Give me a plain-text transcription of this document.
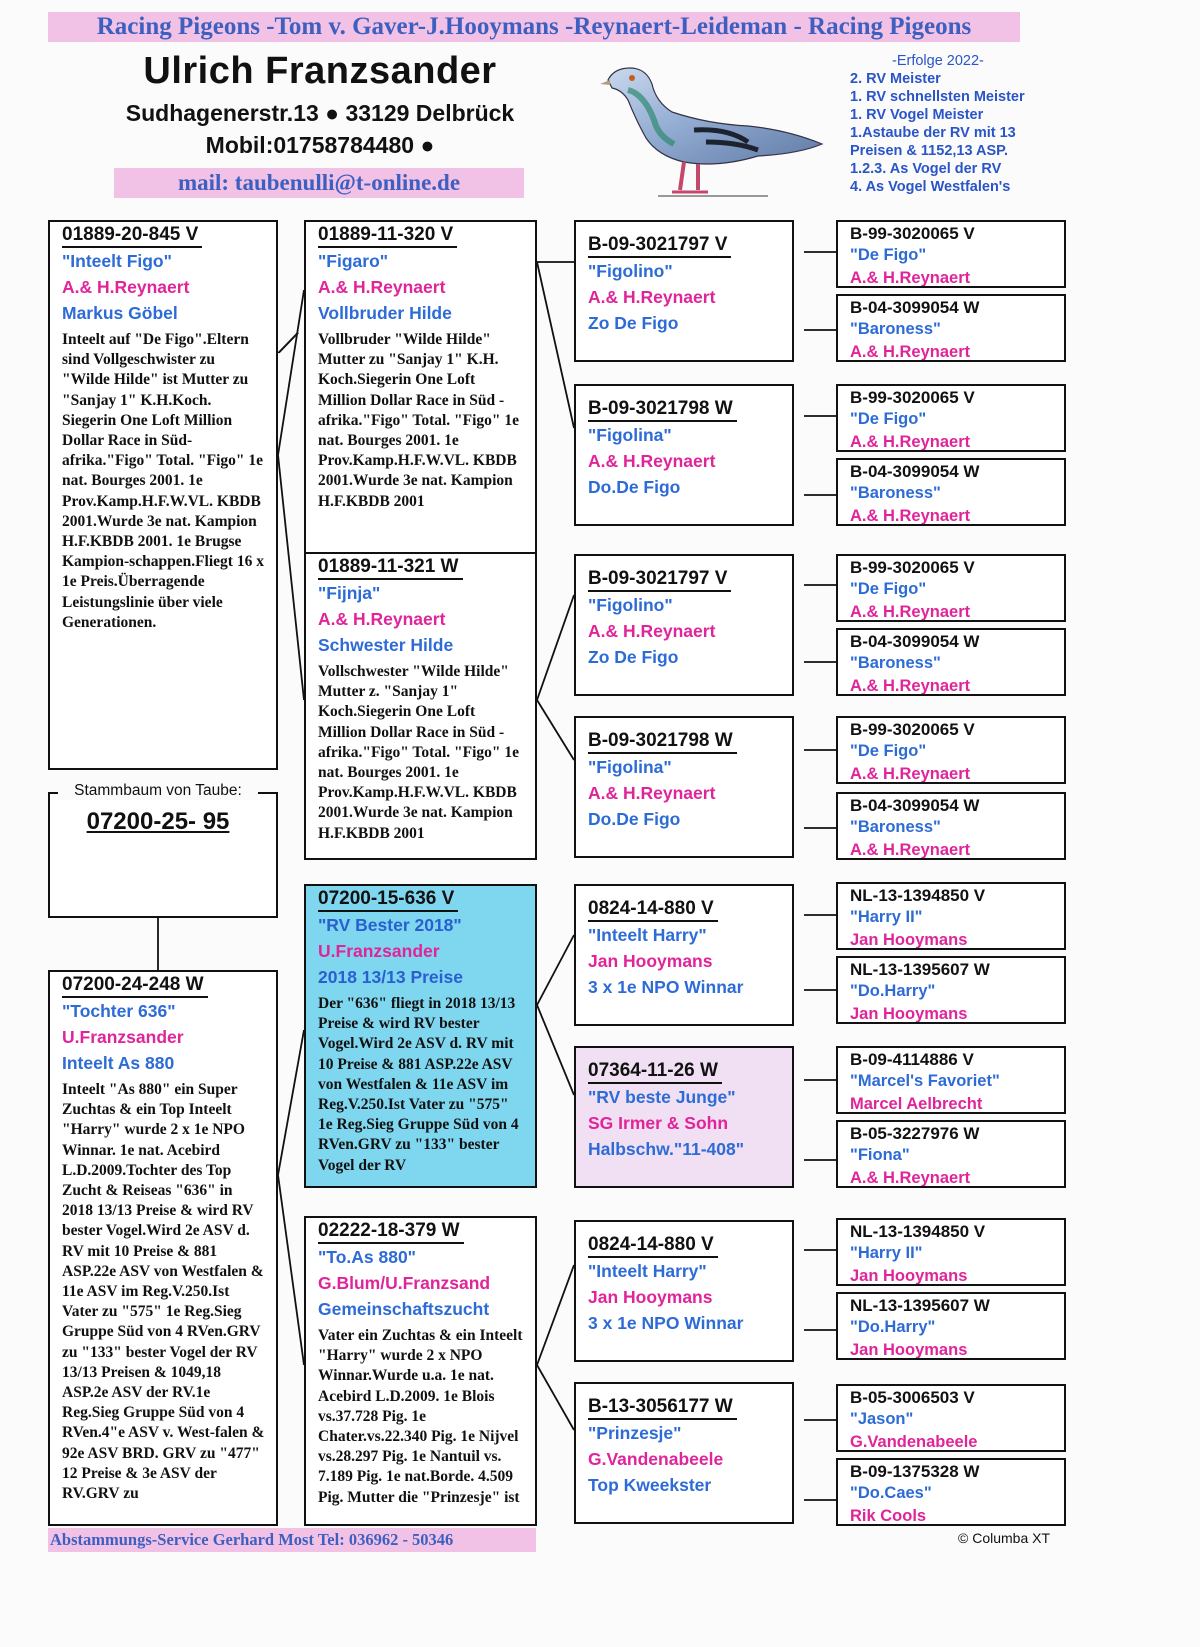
Racing Pigeons -Tom v. Gaver-J.Hooymans -Reynaert-Leideman - Racing Pigeons
Ulrich Franzsander
Sudhagenerstr.13 ● 33129 Delbrück
Mobil:01758784480 ●
mail: taubenulli@t-online.de
-Erfolge 2022-
2. RV Meister
1. RV schnellsten Meister
1. RV Vogel Meister
1.Astaube der RV mit 13
Preisen & 1152,13 ASP.
1.2.3. As Vogel der RV
4. As Vogel Westfalen's
01889-20-845 V
"Inteelt Figo"
A.& H.Reynaert
Markus Göbel
Inteelt auf "De Figo".Eltern sind Vollgeschwister zu "Wilde Hilde" ist Mutter zu "Sanjay 1" K.H.Koch. Siegerin One Loft Million Dollar Race in Süd-afrika."Figo" Total. "Figo" 1e nat. Bourges 2001. 1e Prov.Kamp.H.F.W.VL. KBDB 2001.Wurde 3e nat. Kampion H.F.KBDB 2001. 1e Brugse Kampion-schappen.Fliegt 16 x 1e Preis.Überragende Leistungslinie über viele Generationen.
Stammbaum von Taube:
07200-25- 95
07200-24-248 W
"Tochter 636"
U.Franzsander
Inteelt As 880
Inteelt "As 880" ein Super Zuchtas & ein Top Inteelt "Harry" wurde 2 x 1e NPO Winnar. 1e nat. Acebird L.D.2009.Tochter des Top Zucht & Reiseas "636" in 2018 13/13 Preise & wird RV bester Vogel.Wird 2e ASV d. RV mit 10 Preise & 881 ASP.22e ASV von Westfalen & 11e ASV im Reg.V.250.Ist Vater zu "575" 1e Reg.Sieg Gruppe Süd von 4 RVen.GRV zu "133" bester Vogel der RV 13/13 Preisen & 1049,18 ASP.2e ASV der RV.1e Reg.Sieg Gruppe Süd von 4 RVen.4"e ASV v. West-falen & 92e ASV BRD. GRV zu "477" 12 Preise & 3e ASV der RV.GRV zu
01889-11-320 V
"Figaro"
A.& H.Reynaert
Vollbruder Hilde
Vollbruder "Wilde Hilde" Mutter zu "Sanjay 1" K.H. Koch.Siegerin One Loft Million Dollar Race in Süd - afrika."Figo" Total. "Figo" 1e nat. Bourges 2001. 1e Prov.Kamp.H.F.W.VL. KBDB 2001.Wurde 3e nat. Kampion H.F.KBDB 2001
01889-11-321 W
"Fijnja"
A.& H.Reynaert
Schwester Hilde
Vollschwester "Wilde Hilde" Mutter z. "Sanjay 1" Koch.Siegerin One Loft Million Dollar Race in Süd - afrika."Figo" Total. "Figo" 1e nat. Bourges 2001. 1e Prov.Kamp.H.F.W.VL. KBDB 2001.Wurde 3e nat. Kampion H.F.KBDB 2001
07200-15-636 V
"RV Bester 2018"
U.Franzsander
2018 13/13 Preise
Der "636" fliegt in 2018 13/13 Preise & wird RV bester Vogel.Wird 2e ASV d. RV mit 10 Preise & 881 ASP.22e ASV von Westfalen & 11e ASV im Reg.V.250.Ist Vater zu "575" 1e Reg.Sieg Gruppe Süd von 4 RVen.GRV zu "133" bester Vogel der RV
02222-18-379 W
"To.As 880"
G.Blum/U.Franzsand
Gemeinschaftszucht
Vater ein Zuchtas & ein Inteelt "Harry" wurde 2 x NPO Winnar.Wurde u.a. 1e nat. Acebird L.D.2009. 1e Blois vs.37.728 Pig. 1e Chater.vs.22.340 Pig. 1e Nijvel vs.28.297 Pig. 1e Nantuil vs. 7.189 Pig. 1e nat.Borde. 4.509 Pig. Mutter die "Prinzesje" ist
B-09-3021797 V
"Figolino"
A.& H.Reynaert
Zo De Figo
B-09-3021798 W
"Figolina"
A.& H.Reynaert
Do.De Figo
B-09-3021797 V
"Figolino"
A.& H.Reynaert
Zo De Figo
B-09-3021798 W
"Figolina"
A.& H.Reynaert
Do.De Figo
0824-14-880 V
"Inteelt Harry"
Jan Hooymans
3 x 1e NPO Winnar
07364-11-26 W
"RV beste Junge"
SG Irmer & Sohn
Halbschw."11-408"
0824-14-880 V
"Inteelt Harry"
Jan Hooymans
3 x 1e NPO Winnar
B-13-3056177 W
"Prinzesje"
G.Vandenabeele
Top Kweekster
B-99-3020065 V
"De Figo"
A.& H.Reynaert
B-04-3099054 W
"Baroness"
A.& H.Reynaert
B-99-3020065 V
"De Figo"
A.& H.Reynaert
B-04-3099054 W
"Baroness"
A.& H.Reynaert
B-99-3020065 V
"De Figo"
A.& H.Reynaert
B-04-3099054 W
"Baroness"
A.& H.Reynaert
B-99-3020065 V
"De Figo"
A.& H.Reynaert
B-04-3099054 W
"Baroness"
A.& H.Reynaert
NL-13-1394850 V
"Harry II"
Jan Hooymans
NL-13-1395607 W
"Do.Harry"
Jan Hooymans
B-09-4114886 V
"Marcel's Favoriet"
Marcel Aelbrecht
B-05-3227976 W
"Fiona"
A.& H.Reynaert
NL-13-1394850 V
"Harry II"
Jan Hooymans
NL-13-1395607 W
"Do.Harry"
Jan Hooymans
B-05-3006503 V
"Jason"
G.Vandenabeele
B-09-1375328 W
"Do.Caes"
Rik Cools
Abstammungs-Service Gerhard Most Tel: 036962 - 50346	© Columba XT
